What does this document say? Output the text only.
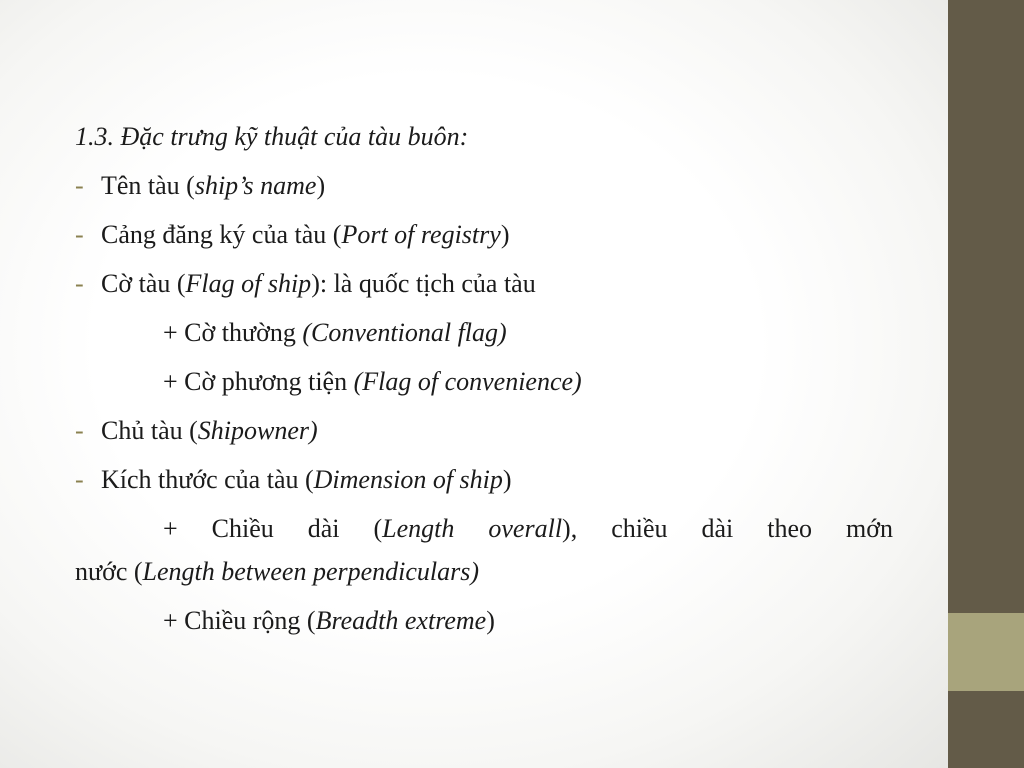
1.3. Đặc trưng kỹ thuật của tàu buôn:
- Tên tàu (ship’s name)
- Cảng đăng ký của tàu (Port of registry)
- Cờ tàu (Flag of ship): là quốc tịch của tàu
+ Cờ thường (Conventional flag)
+ Cờ phương tiện (Flag of convenience)
- Chủ tàu (Shipowner)
- Kích thước của tàu (Dimension of ship)
+ Chiều dài (Length overall), chiều dài theo mớn
nước (Length between perpendiculars)
+ Chiều rộng (Breadth extreme)
